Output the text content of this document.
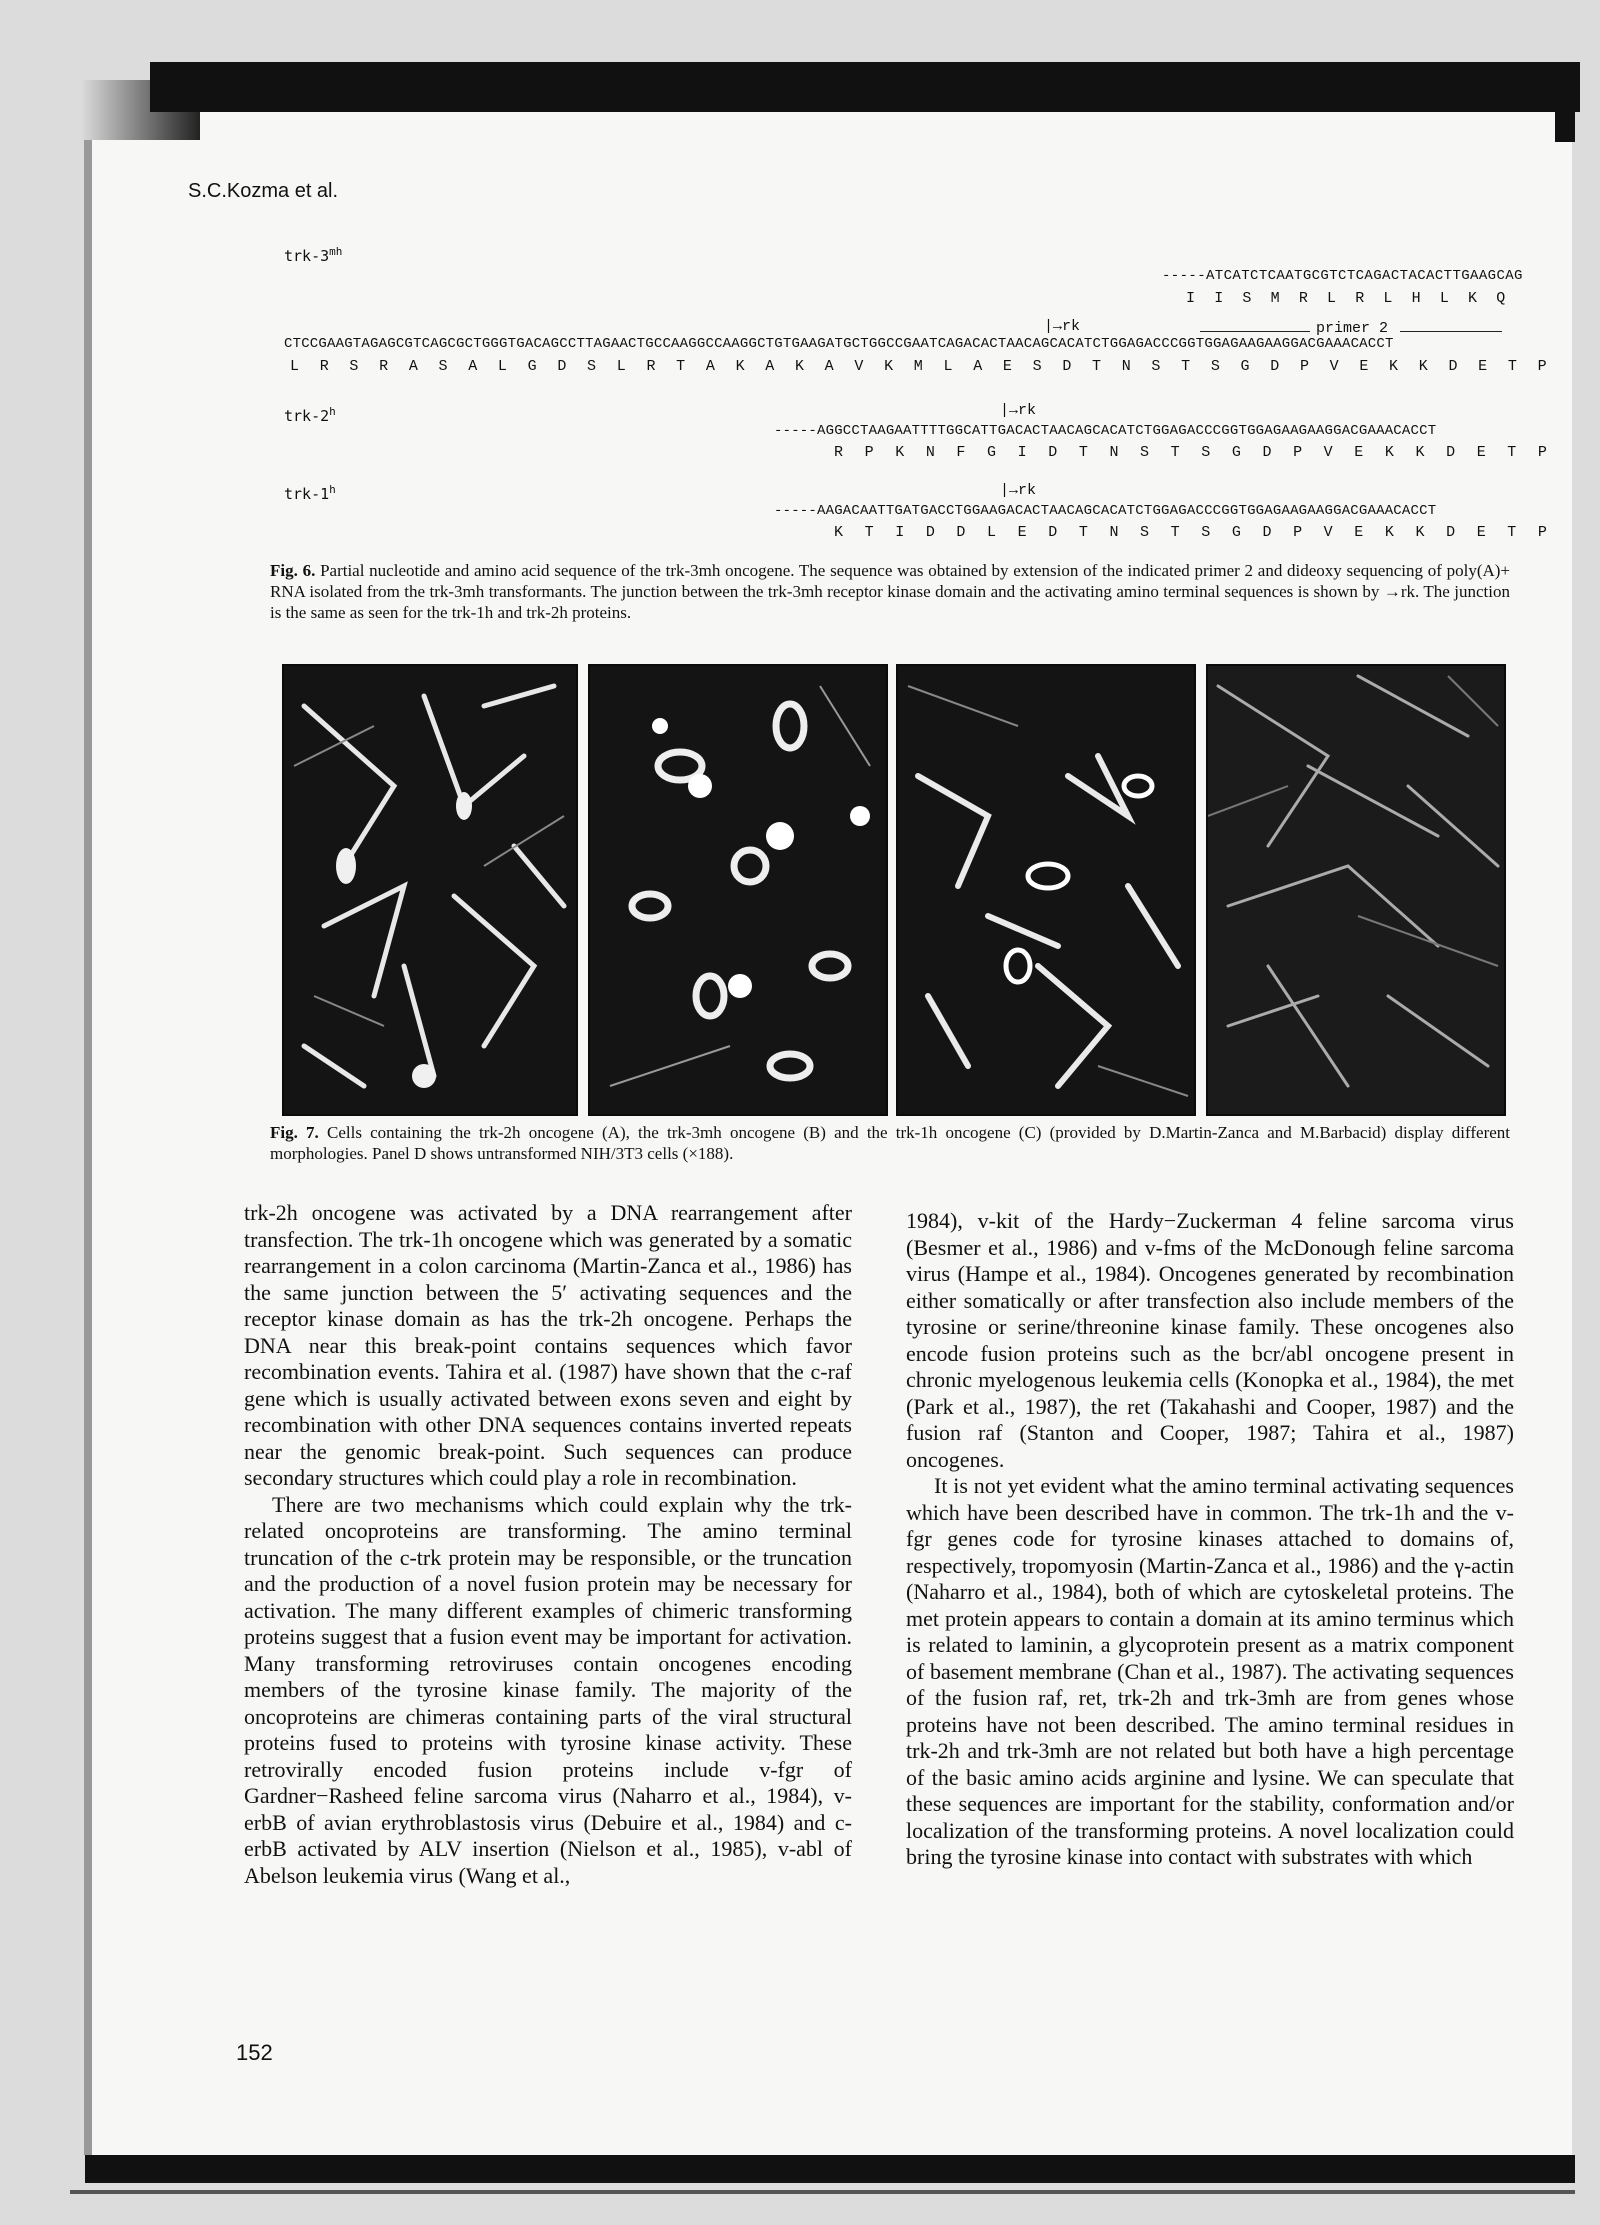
S.C.Kozma et al.
trk-$3^{mh}$
-----ATCATCTCAATGCGTCTCAGACTACACTTGAAGCAG
I  I  S  M  R  L  R  L  H  L  K  Q
|→rk	primer 2
CTCCGAAGTAGAGCGTCAGCGCTGGGTGACAGCCTTAGAACTGCCAAGGCCAAGGCTGTGAAGATGCTGGCCGAATCAGACACTAACAGCACATCTGGAGACCCGGTGGAGAAGAAGGACGAAACACCT
L  R  S  R  A  S  A  L  G  D  S  L  R  T  A  K  A  K  A  V  K  M  L  A  E  S  D  T  N  S  T  S  G  D  P  V  E  K  K  D  E  T  P
trk-2$^h$	|→rk
-----AGGCCTAAGAATTTTGGCATTGACACTAACAGCACATCTGGAGACCCGGTGGAGAAGAAGGACGAAACACCT
R  P  K  N  F  G  I  D  T  N  S  T  S  G  D  P  V  E  K  K  D  E  T  P
trk-1$^h$	|→rk
-----AAGACAATTGATGACCTGGAAGACACTAACAGCACATCTGGAGACCCGGTGGAGAAGAAGGACGAAACACCT
K  T  I  D  D  L  E  D  T  N  S  T  S  G  D  P  V  E  K  K  D  E  T  P
Fig. 6. Partial nucleotide and amino acid sequence of the trk-3mh oncogene. The sequence was obtained by extension of the indicated primer 2 and dideoxy sequencing of poly(A)+ RNA isolated from the trk-3mh transformants. The junction between the trk-3mh receptor kinase domain and the activating amino terminal sequences is shown by →rk. The junction is the same as seen for the trk-1h and trk-2h proteins.
Fig. 7. Cells containing the trk-2h oncogene (A), the trk-3mh oncogene (B) and the trk-1h oncogene (C) (provided by D.Martin-Zanca and M.Barbacid) display different morphologies. Panel D shows untransformed NIH/3T3 cells (×188).

trk-2h oncogene was activated by a DNA rearrangement after transfection. The trk-1h oncogene which was generated by a somatic rearrangement in a colon carcinoma (Martin-Zanca et al., 1986) has the same junction between the 5′ activating sequences and the receptor kinase domain as has the trk-2h oncogene. Perhaps the DNA near this break-point contains sequences which favor recombination events. Tahira et al. (1987) have shown that the c-raf gene which is usually activated between exons seven and eight by recombination with other DNA sequences contains inverted repeats near the genomic break-point. Such sequences can produce secondary structures which could play a role in recombination.

There are two mechanisms which could explain why the trk-related oncoproteins are transforming. The amino terminal truncation of the c-trk protein may be responsible, or the truncation and the production of a novel fusion protein may be necessary for activation. The many different examples of chimeric transforming proteins suggest that a fusion event may be important for activation. Many transforming retroviruses contain oncogenes encoding members of the tyrosine kinase family. The majority of the oncoproteins are chimeras containing parts of the viral structural proteins fused to proteins with tyrosine kinase activity. These retrovirally encoded fusion proteins include v-fgr of Gardner−Rasheed feline sarcoma virus (Naharro et al., 1984), v-erbB of avian erythroblastosis virus (Debuire et al., 1984) and c-erbB activated by ALV insertion (Nielson et al., 1985), v-abl of Abelson leukemia virus (Wang et al.,

1984), v-kit of the Hardy−Zuckerman 4 feline sarcoma virus (Besmer et al., 1986) and v-fms of the McDonough feline sarcoma virus (Hampe et al., 1984). Oncogenes generated by recombination either somatically or after transfection also include members of the tyrosine or serine/threonine kinase family. These oncogenes also encode fusion proteins such as the bcr/abl oncogene present in chronic myelogenous leukemia cells (Konopka et al., 1984), the met (Park et al., 1987), the ret (Takahashi and Cooper, 1987) and the fusion raf (Stanton and Cooper, 1987; Tahira et al., 1987) oncogenes.

It is not yet evident what the amino terminal activating sequences which have been described have in common. The trk-1h and the v-fgr genes code for tyrosine kinases attached to domains of, respectively, tropomyosin (Martin-Zanca et al., 1986) and the γ-actin (Naharro et al., 1984), both of which are cytoskeletal proteins. The met protein appears to contain a domain at its amino terminus which is related to laminin, a glycoprotein present as a matrix component of basement membrane (Chan et al., 1987). The activating sequences of the fusion raf, ret, trk-2h and trk-3mh are from genes whose proteins have not been described. The amino terminal residues in trk-2h and trk-3mh are not related but both have a high percentage of the basic amino acids arginine and lysine. We can speculate that these sequences are important for the stability, conformation and/or localization of the transforming proteins. A novel localization could bring the tyrosine kinase into contact with substrates with which

152
